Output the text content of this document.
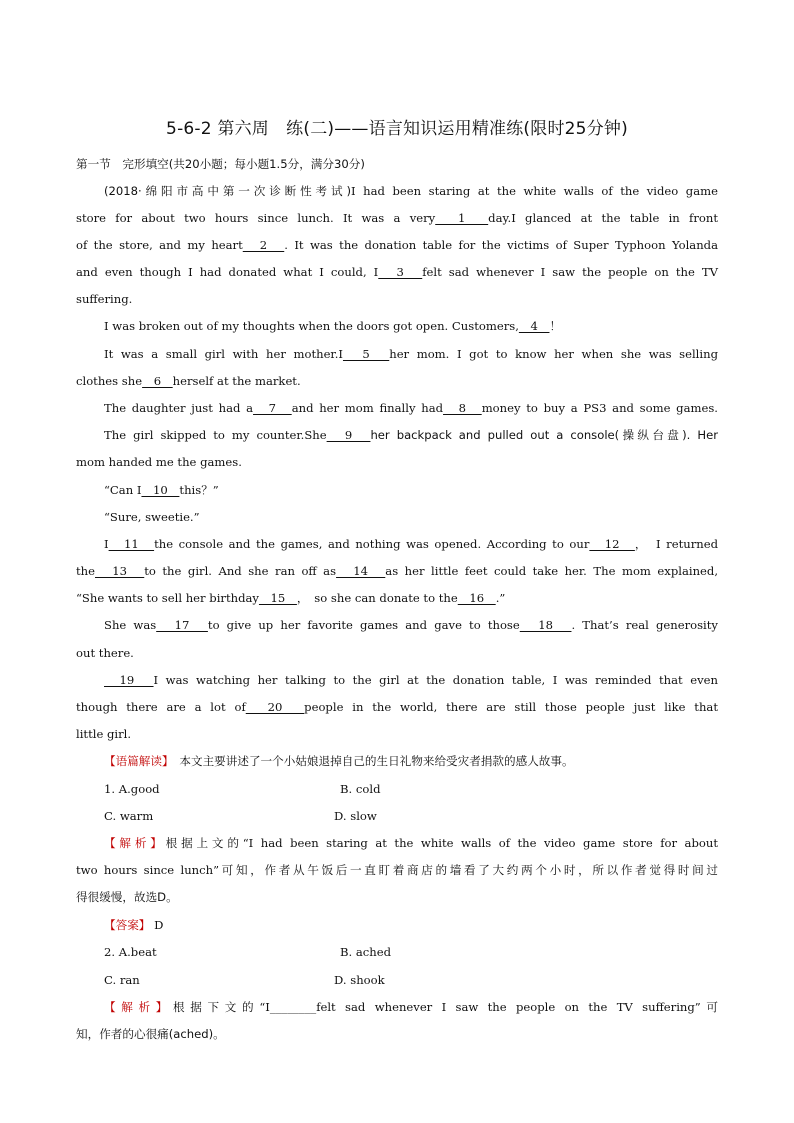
5-6-2 第六周　练(二)——语言知识运用精准练(限时25分钟)
第一节　完形填空(共20小题；每小题1.5分，满分30分)
(2018·绵阳市高中第一次诊断性考试)I had been staring at the white walls of the video game
store for about two hours since lunch. It was a very　1　day.I glanced at the table in front
of the store, and my heart　2　. It was the donation table for the victims of Super Typhoon Yolanda
and even though I had donated what I could, I　3　felt sad whenever I saw the people on the TV
suffering.
I was broken out of my thoughts when the doors got open. Customers,　4　！
It was a small girl with her mother.I　5　her mom. I got to know her when she was selling
clothes she　6　herself at the market.
The daughter just had a　7　and her mom finally had　8　money to buy a PS3 and some games.
The girl skipped to my counter.She　9　her backpack and pulled out a console(操纵台盘). Her
mom handed me the games.
“Can I　10　this？”
“Sure, sweetie.”
I　11　the console and the games, and nothing was opened. According to our　12　，　I returned
the　13　to the girl. And she ran off as　14　as her little feet could take her. The mom explained,
“She wants to sell her birthday　15　，　so she can donate to the　16　.”
She was　17　to give up her favorite games and gave to those　18　. That’s real generosity
out there.
　19　I was watching her talking to the girl at the donation table, I was reminded that even
though there are a lot of　20　people in the world, there are still those people just like that
little girl.
【语篇解读】　 本文主要讲述了一个小姑娘退掉自己的生日礼物来给受灾者捐款的感人故事。
1. A.good	B. cold
C. warm	D. slow
【解析】根据上文的“I had been staring at the white walls of the video game store for about
two hours since lunch”可知，作者从午饭后一直盯着商店的墙看了大约两个小时，所以作者觉得时间过
得很缓慢，故选D。
【答案】 D
2. A.beat	B. ached
C. ran	D. shook
【解析】根据下文的“I________felt sad whenever I saw the people on the TV suffering”可
知，作者的心很痛(ached)。
